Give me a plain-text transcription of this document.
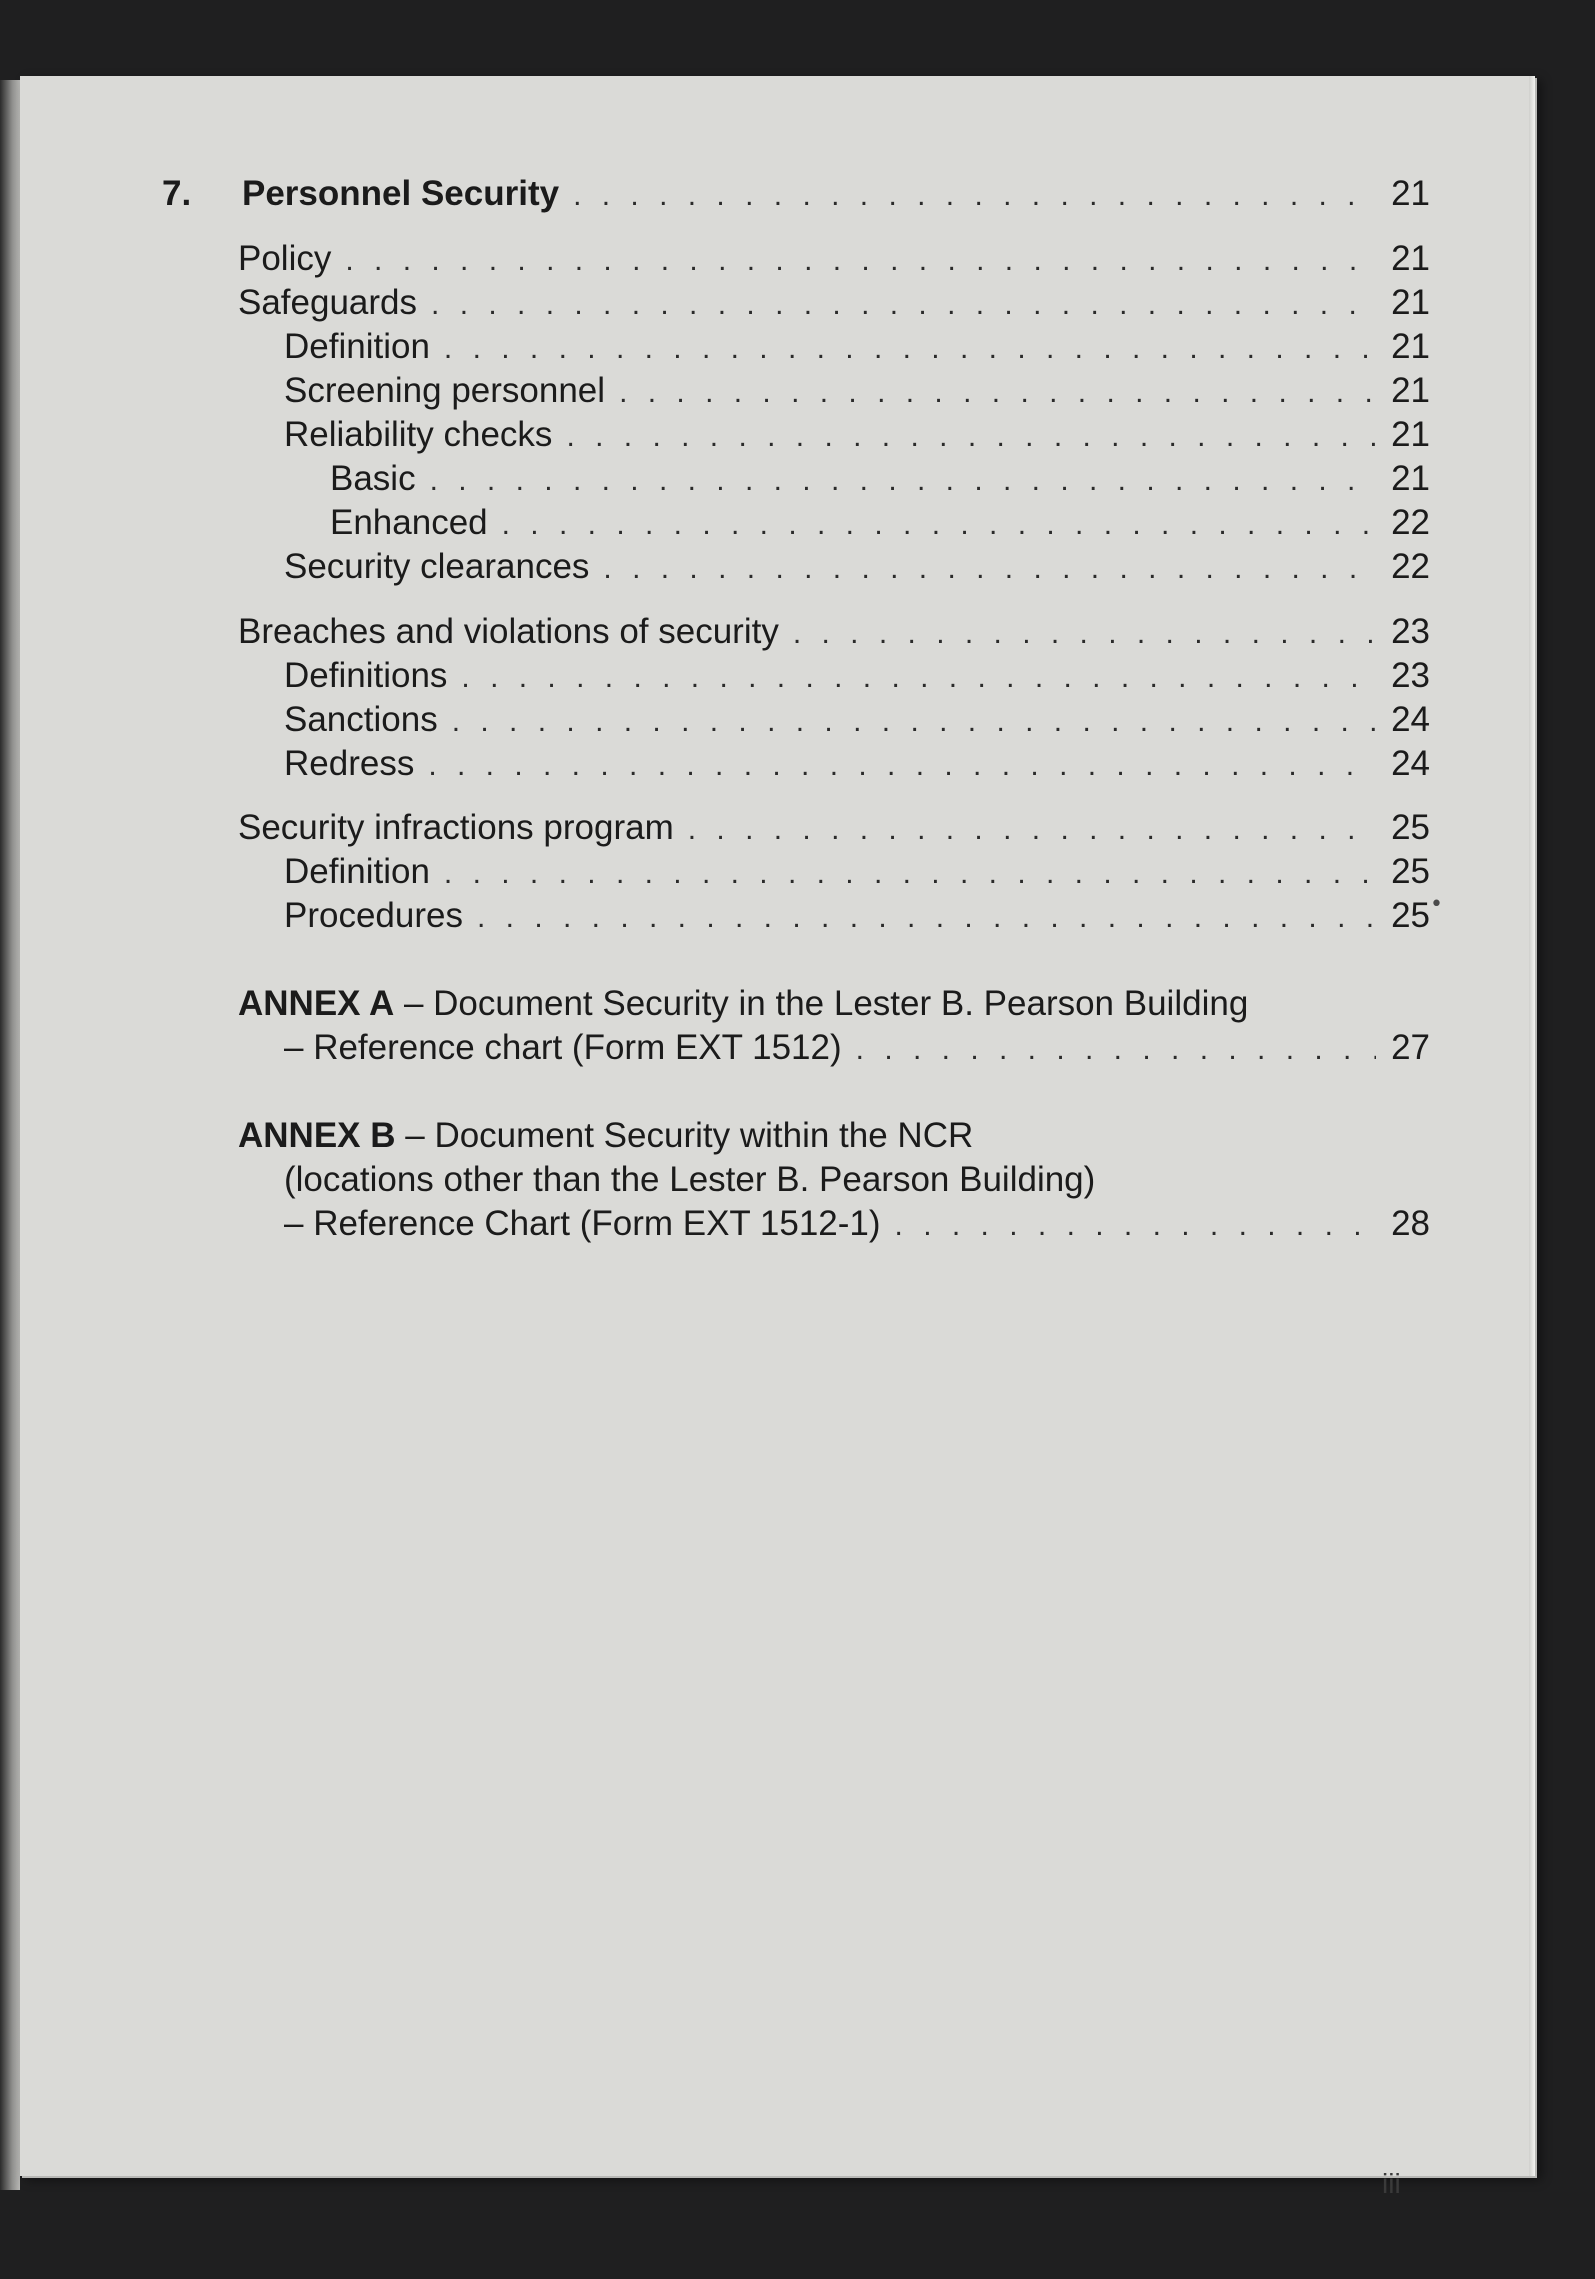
7.	Personnel Security . . .	21
Policy . . .	21
Safeguards . . .	21
Definition . . .	21
Screening personnel . . .	21
Reliability checks . . .	21
Basic . . .	21
Enhanced . . .	22
Security clearances . . .	22
Breaches and violations of security . . .	23
Definitions . . .	23
Sanctions . . .	24
Redress . . .	24
Security infractions program . . .	25
Definition . . .	25
Procedures . . .	25
ANNEX A – Document Security in the Lester B. Pearson Building
– Reference chart (Form EXT 1512) . . .	27
ANNEX B – Document Security within the NCR
(locations other than the Lester B. Pearson Building)
– Reference Chart (Form EXT 1512-1) . . .	28
•
iii
